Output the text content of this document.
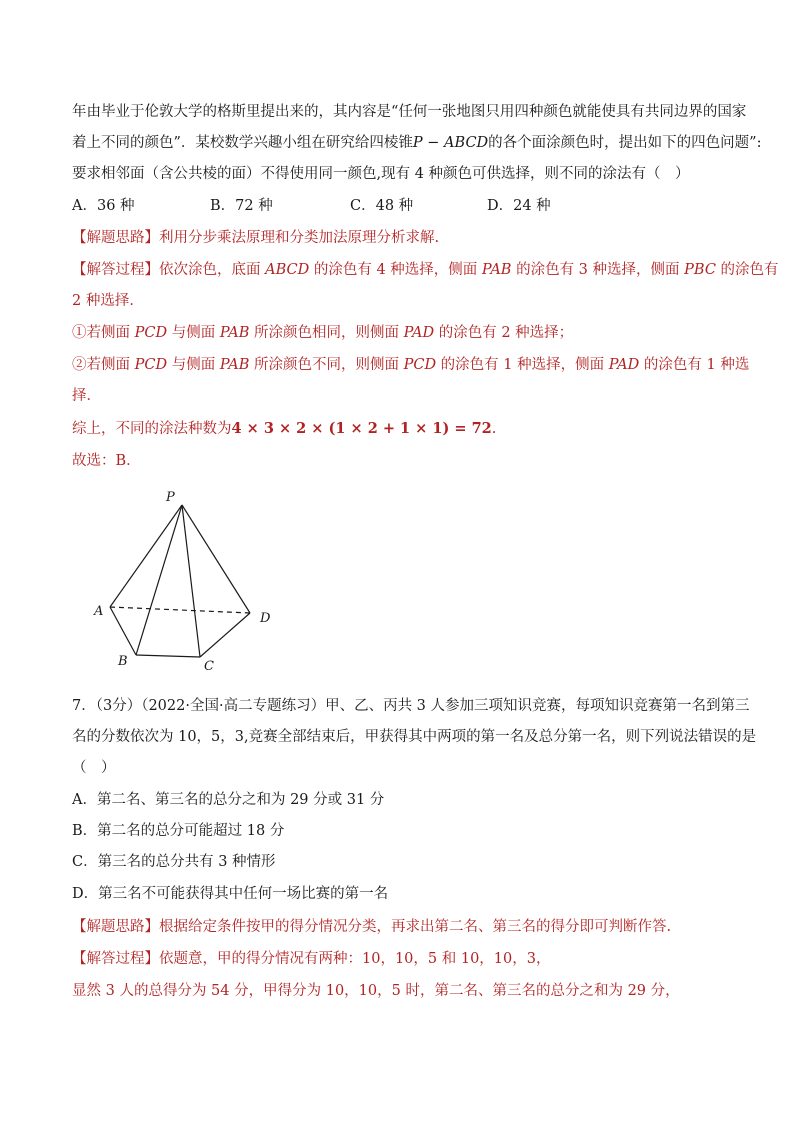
年由毕业于伦敦大学的格斯里提出来的，其内容是“任何一张地图只用四种颜色就能使具有共同边界的国家
着上不同的颜色”．某校数学兴趣小组在研究给四棱锥P − ABCD的各个面涂颜色时，提出如下的四色问题”:
要求相邻面（含公共棱的面）不得使用同一颜色,现有 4 种颜色可供选择，则不同的涂法有（　）
A．36 种	B．72 种	C．48 种	D．24 种
【解题思路】利用分步乘法原理和分类加法原理分析求解.
【解答过程】依次涂色，底面 ABCD 的涂色有 4 种选择，侧面 PAB 的涂色有 3 种选择，侧面 PBC 的涂色有
2 种选择．
①若侧面 PCD 与侧面 PAB 所涂颜色相同，则侧面 PAD 的涂色有 2 种选择；
②若侧面 PCD 与侧面 PAB 所涂颜色不同，则侧面 PCD 的涂色有 1 种选择，侧面 PAD 的涂色有 1 种选
择．
综上，不同的涂法种数为4 × 3 × 2 × (1 × 2 + 1 × 1) = 72.
故选：B．
P
A
B	C
D
7．（3分）（2022·全国·高二专题练习）甲、乙、丙共 3 人参加三项知识竞赛，每项知识竞赛第一名到第三
名的分数依次为 10，5，3,竞赛全部结束后，甲获得其中两项的第一名及总分第一名，则下列说法错误的是
（　）
A．第二名、第三名的总分之和为 29 分或 31 分
B．第二名的总分可能超过 18 分
C．第三名的总分共有 3 种情形
D．第三名不可能获得其中任何一场比赛的第一名
【解题思路】根据给定条件按甲的得分情况分类，再求出第二名、第三名的得分即可判断作答.
【解答过程】依题意，甲的得分情况有两种：10，10，5 和 10，10，3，
显然 3 人的总得分为 54 分，甲得分为 10，10，5 时，第二名、第三名的总分之和为 29 分，
